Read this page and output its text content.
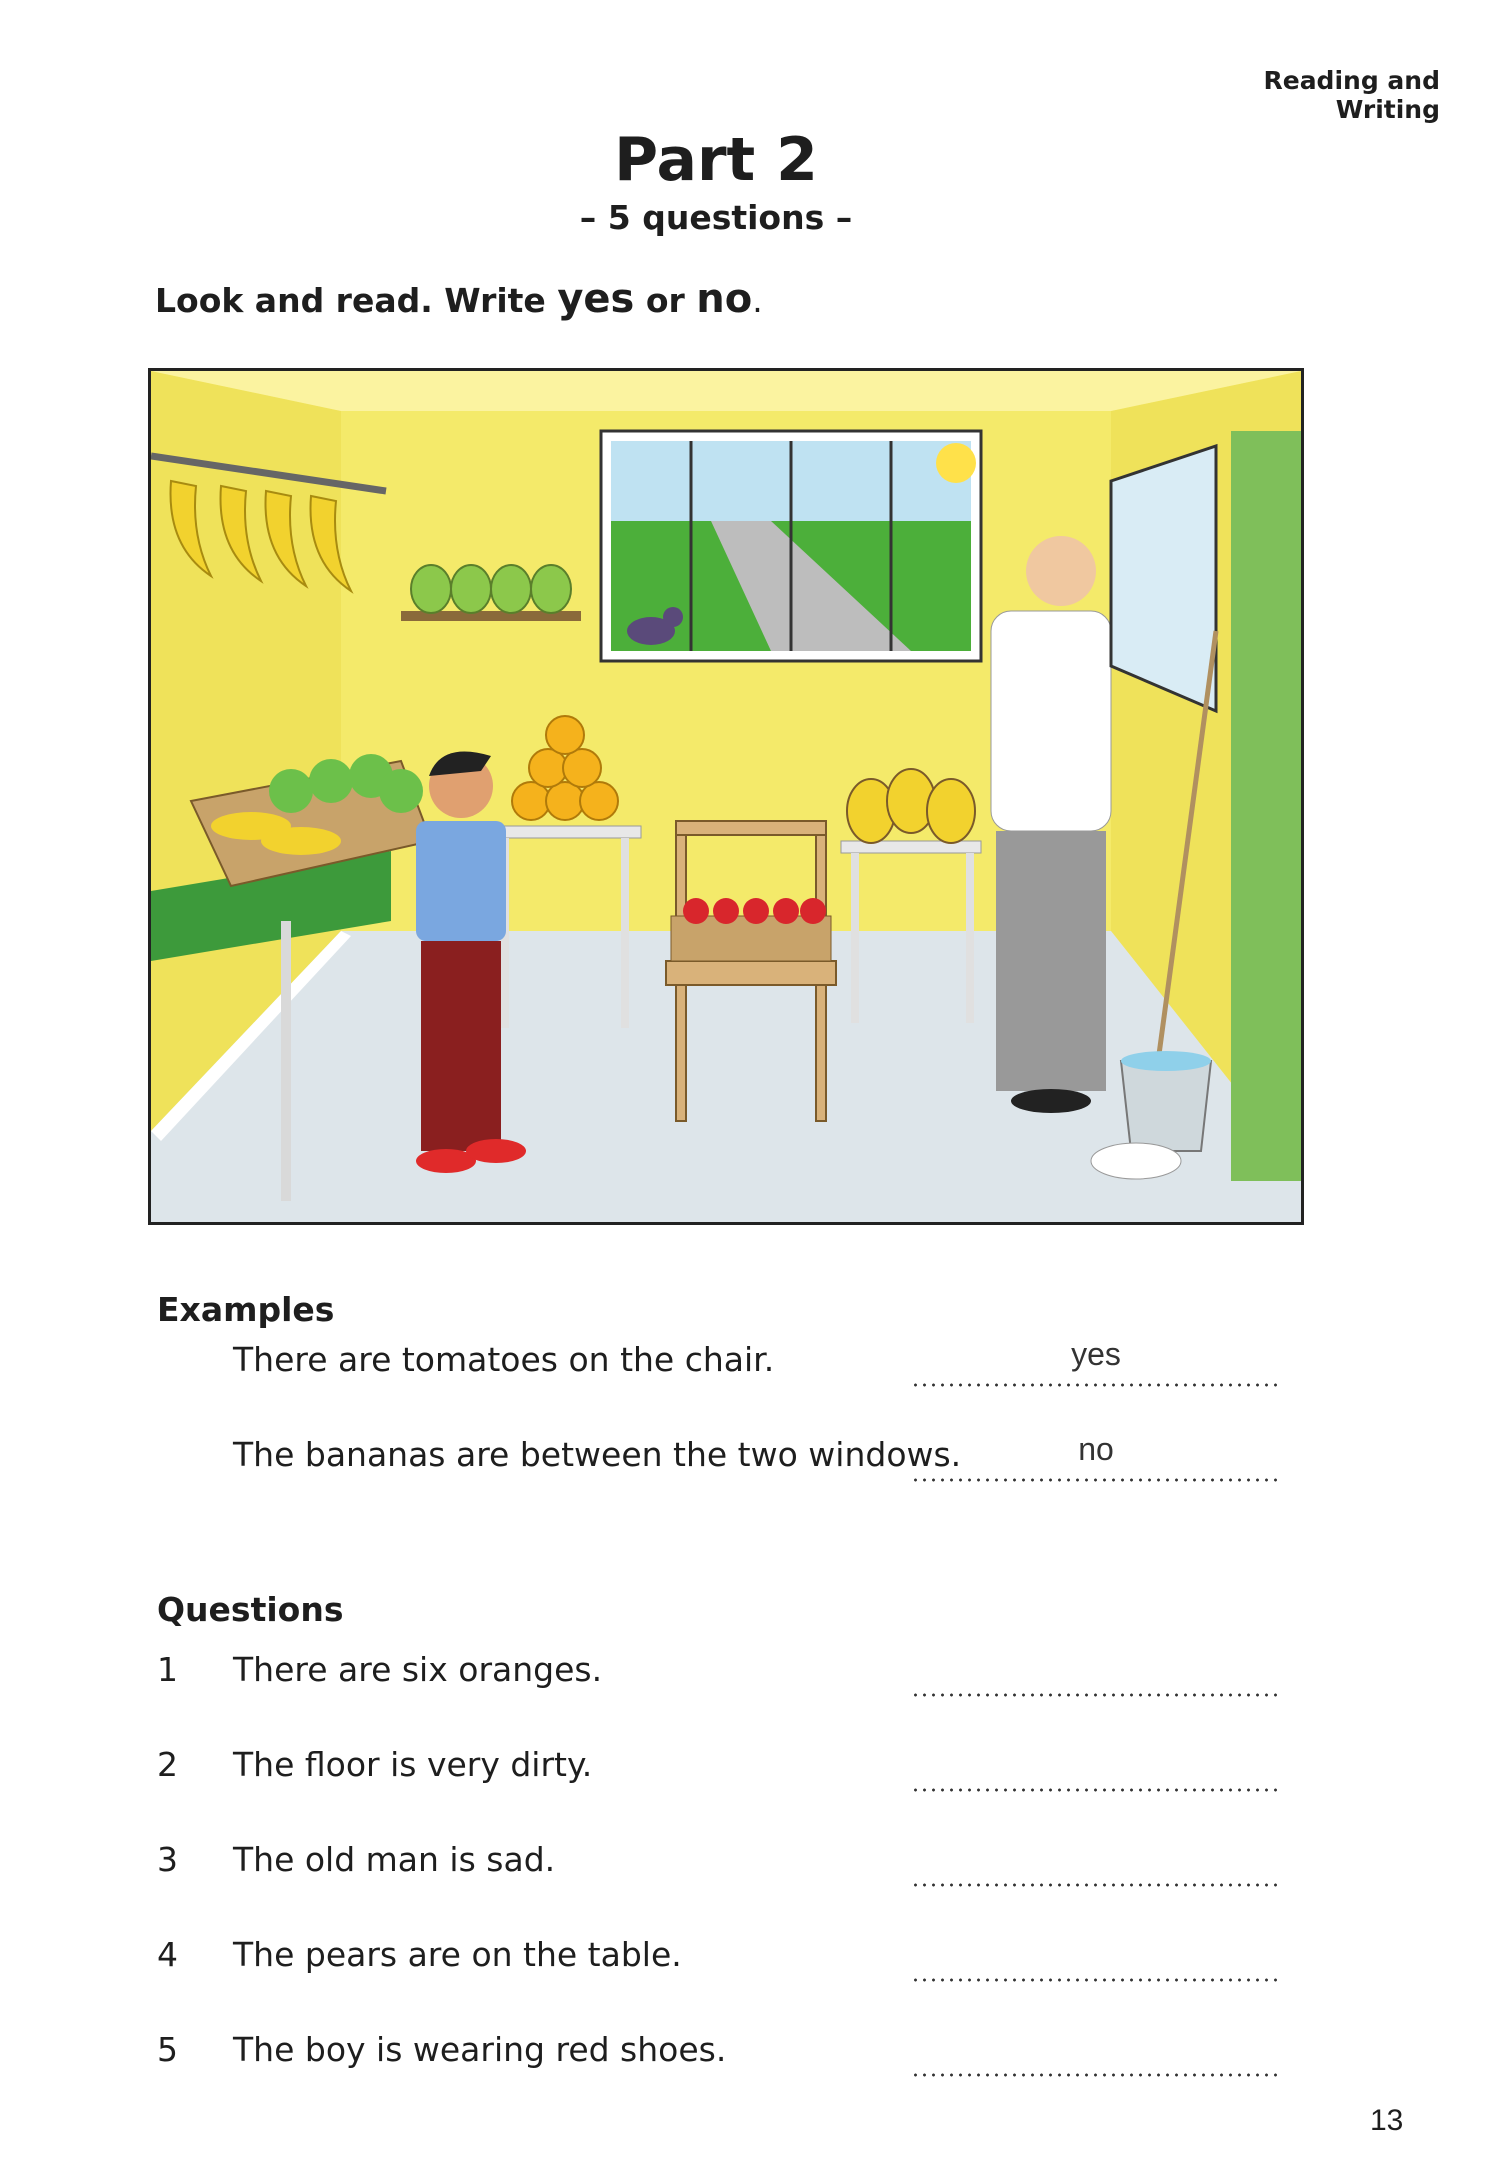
Reading and Writing
Part 2
– 5 questions –
Look and read. Write yes or no.
Examples
There are tomatoes on the chair.	yes
The bananas are between the two windows.	no
Questions
1	There are six oranges.
2	The floor is very dirty.
3	The old man is sad.
4	The pears are on the table.
5	The boy is wearing red shoes.
13
